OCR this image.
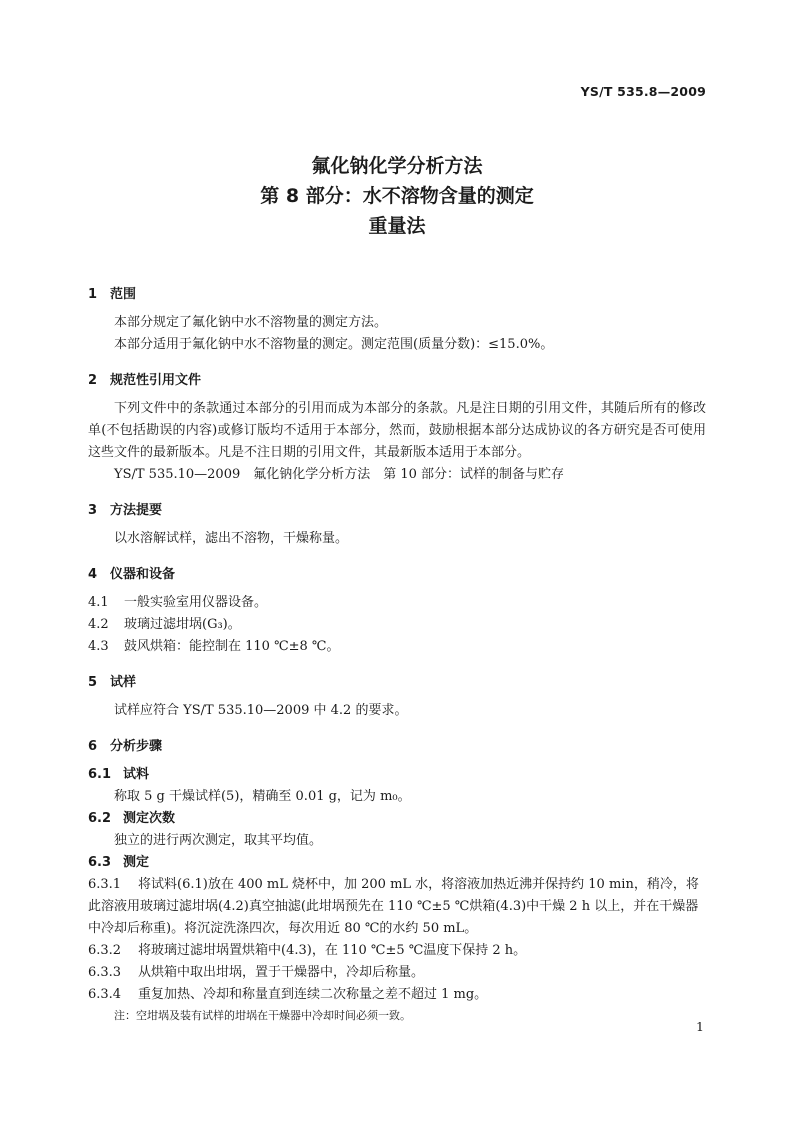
YS/T 535.8—2009
氟化钠化学分析方法
第 8 部分：水不溶物含量的测定
重量法
1 范围
本部分规定了氟化钠中水不溶物量的测定方法。
本部分适用于氟化钠中水不溶物量的测定。测定范围(质量分数)：≤15.0%。
2 规范性引用文件
下列文件中的条款通过本部分的引用而成为本部分的条款。凡是注日期的引用文件，其随后所有的修改单(不包括勘误的内容)或修订版均不适用于本部分，然而，鼓励根据本部分达成协议的各方研究是否可使用这些文件的最新版本。凡是不注日期的引用文件，其最新版本适用于本部分。
YS/T 535.10—2009　氟化钠化学分析方法　第 10 部分：试样的制备与贮存
3 方法提要
以水溶解试样，滤出不溶物，干燥称量。
4 仪器和设备
4.1 一般实验室用仪器设备。
4.2 玻璃过滤坩埚(G₃)。
4.3 鼓风烘箱：能控制在 110 ℃±8 ℃。
5 试样
试样应符合 YS/T 535.10—2009 中 4.2 的要求。
6 分析步骤
6.1 试料
称取 5 g 干燥试样(5)，精确至 0.01 g，记为 m₀。
6.2 测定次数
独立的进行两次测定，取其平均值。
6.3 测定
6.3.1 将试料(6.1)放在 400 mL 烧杯中，加 200 mL 水，将溶液加热近沸并保持约 10 min，稍冷，将此溶液用玻璃过滤坩埚(4.2)真空抽滤(此坩埚预先在 110 ℃±5 ℃烘箱(4.3)中干燥 2 h 以上，并在干燥器中冷却后称重)。将沉淀洗涤四次，每次用近 80 ℃的水约 50 mL。
6.3.2 将玻璃过滤坩埚置烘箱中(4.3)，在 110 ℃±5 ℃温度下保持 2 h。
6.3.3 从烘箱中取出坩埚，置于干燥器中，冷却后称量。
6.3.4 重复加热、冷却和称量直到连续二次称量之差不超过 1 mg。
注：空坩埚及装有试样的坩埚在干燥器中冷却时间必须一致。
1
